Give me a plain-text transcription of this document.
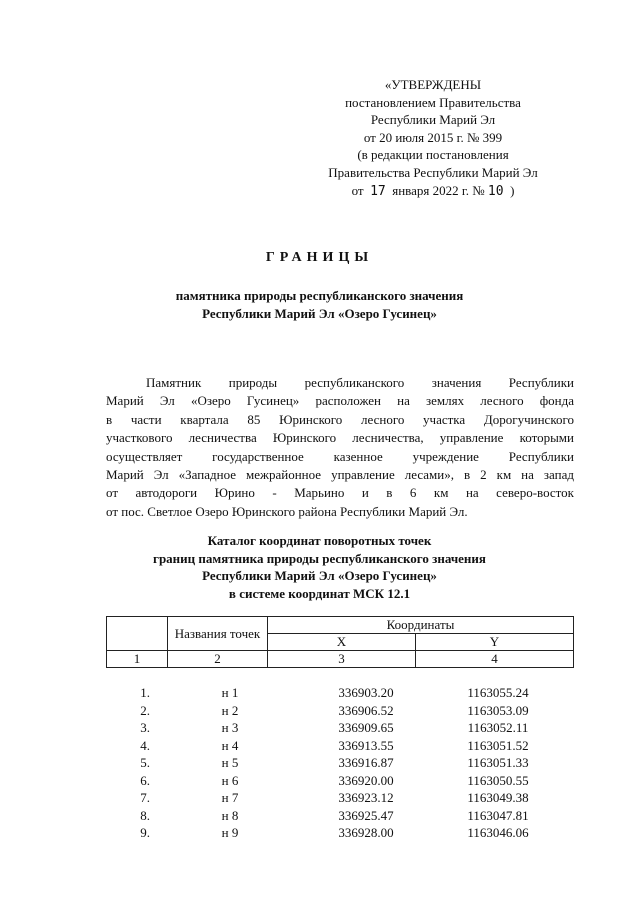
«УТВЕРЖДЕНЫ
постановлением Правительства
Республики Марий Эл
от 20 июля 2015 г. № 399
(в редакции постановления
Правительства Республики Марий Эл
от 17 января 2022 г. № 10 )
ГРАНИЦЫ
памятника природы республиканского значения
Республики Марий Эл «Озеро Гусинец»
Памятник природы республиканского значения Республики
Марий Эл «Озеро Гусинец» расположен на землях лесного фонда
в части квартала 85 Юринского лесного участка Дорогучинского
участкового лесничества Юринского лесничества, управление которыми
осуществляет государственное казенное учреждение Республики
Марий Эл «Западное межрайонное управление лесами», в 2 км на запад
от автодороги Юрино - Марьино и в 6 км на северо-восток
от пос. Светлое Озеро Юринского района Республики Марий Эл.
Каталог координат поворотных точек
границ памятника природы республиканского значения
Республики Марий Эл «Озеро Гусинец»
в системе координат МСК 12.1
	Названия точек	Координаты	
		X	Y
1	2	3	4
1.	н 1	336903.20	1163055.24
2.	н 2	336906.52	1163053.09
3.	н 3	336909.65	1163052.11
4.	н 4	336913.55	1163051.52
5.	н 5	336916.87	1163051.33
6.	н 6	336920.00	1163050.55
7.	н 7	336923.12	1163049.38
8.	н 8	336925.47	1163047.81
9.	н 9	336928.00	1163046.06
